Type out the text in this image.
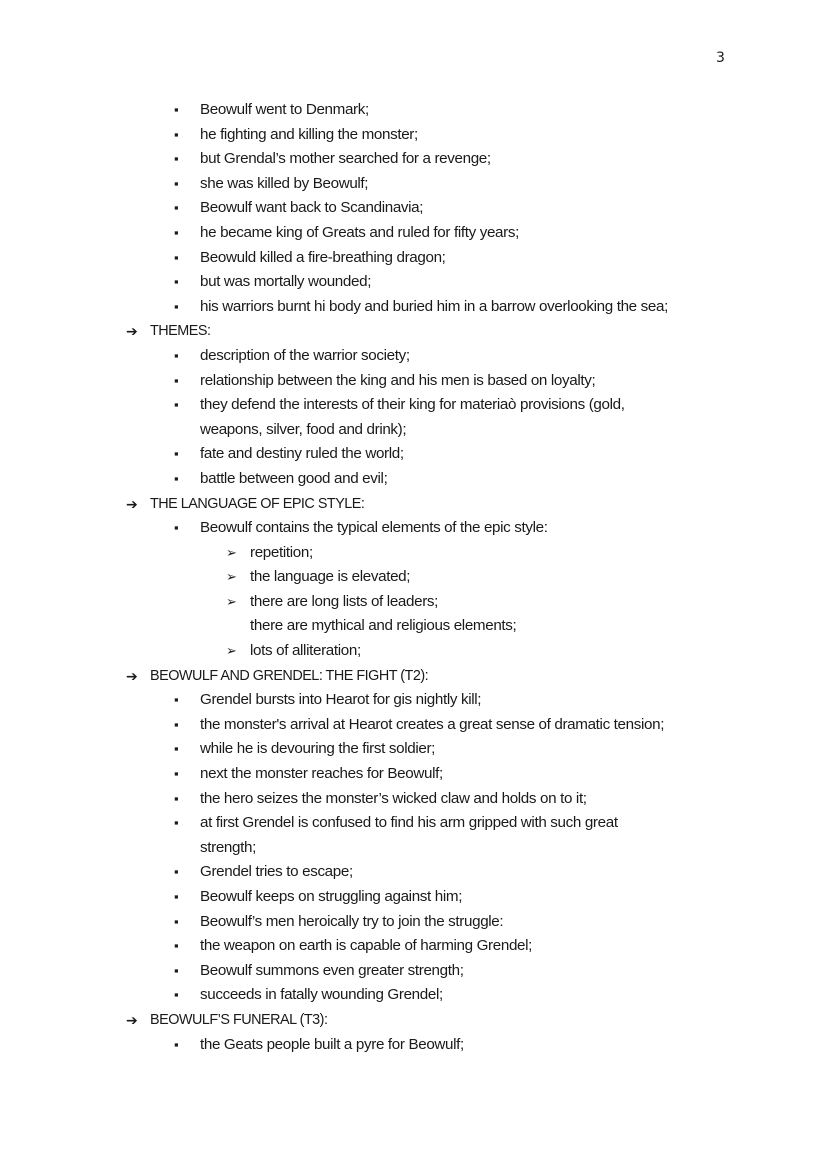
3
▪ Beowulf went to Denmark;
▪ he fighting and killing the monster;
▪ but Grendal’s mother searched for a revenge;
▪ she was killed by Beowulf;
▪ Beowulf want back to Scandinavia;
▪ he became king of Greats and ruled for fifty years;
▪ Beowuld killed a fire-breathing dragon;
▪ but was mortally wounded;
▪ his warriors burnt hi body and buried him in a barrow overlooking the sea;
➔ THEMES:
▪ description of the warrior society;
▪ relationship between the king and his men is based on loyalty;
▪ they defend the interests of their king for materiaò provisions (gold,
weapons, silver, food and drink);
▪ fate and destiny ruled the world;
▪ battle between good and evil;
➔ THE LANGUAGE OF EPIC STYLE:
▪ Beowulf contains the typical elements of the epic style:
➢ repetition;
➢ the language is elevated;
➢ there are long lists of leaders;
there are mythical and religious elements;
➢ lots of alliteration;
➔ BEOWULF AND GRENDEL: THE FIGHT (T2):
▪ Grendel bursts into Hearot for gis nightly kill;
▪ the monster's arrival at Hearot creates a great sense of dramatic tension;
▪ while he is devouring the first soldier;
▪ next the monster reaches for Beowulf;
▪ the hero seizes the monster’s wicked claw and holds on to it;
▪ at first Grendel is confused to find his arm gripped with such great
strength;
▪ Grendel tries to escape;
▪ Beowulf keeps on struggling against him;
▪ Beowulf’s men heroically try to join the struggle:
▪ the weapon on earth is capable of harming Grendel;
▪ Beowulf summons even greater strength;
▪ succeeds in fatally wounding Grendel;
➔ BEOWULF’S FUNERAL (T3):
▪ the Geats people built a pyre for Beowulf;
